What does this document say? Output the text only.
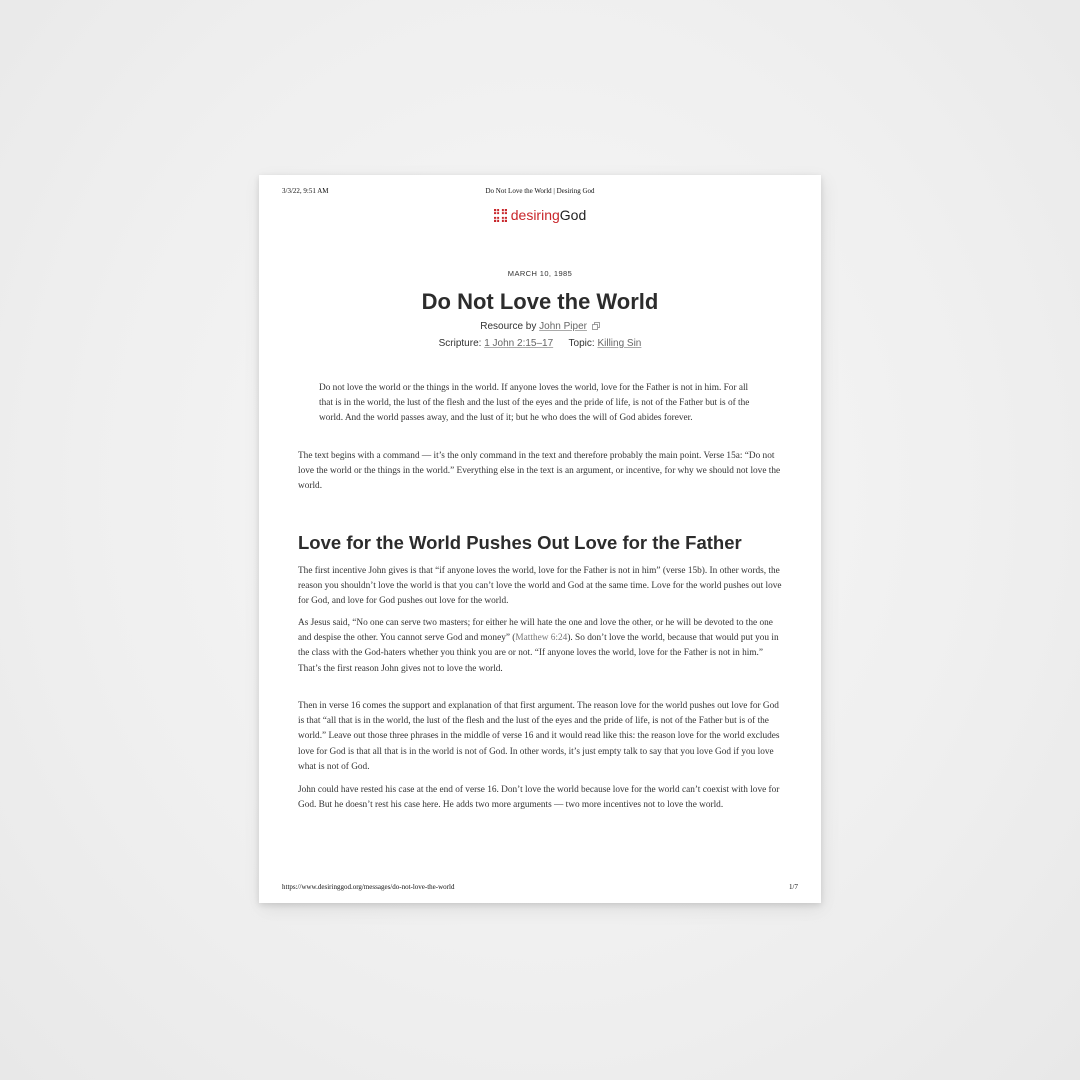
3/3/22, 9:51 AM	Do Not Love the World | Desiring God
desiringGod
MARCH 10, 1985
Do Not Love the World
Resource by John Piper
Scripture: 1 John 2:15–17 Topic: Killing Sin

Do not love the world or the things in the world. If anyone loves the world, love for the Father is not in him. For all that is in the world, the lust of the flesh and the lust of the eyes and the pride of life, is not of the Father but is of the world. And the world passes away, and the lust of it; but he who does the will of God abides forever.

The text begins with a command — it’s the only command in the text and therefore probably the main point. Verse 15a: “Do not love the world or the things in the world.” Everything else in the text is an argument, or incentive, for why we should not love the world.

Love for the World Pushes Out Love for the Father

The first incentive John gives is that “if anyone loves the world, love for the Father is not in him” (verse 15b). In other words, the reason you shouldn’t love the world is that you can’t love the world and God at the same time. Love for the world pushes out love for God, and love for God pushes out love for the world.

As Jesus said, “No one can serve two masters; for either he will hate the one and love the other, or he will be devoted to the one and despise the other. You cannot serve God and money” (Matthew 6:24). So don’t love the world, because that would put you in the class with the God-haters whether you think you are or not. “If anyone loves the world, love for the Father is not in him.” That’s the first reason John gives not to love the world.

Then in verse 16 comes the support and explanation of that first argument. The reason love for the world pushes out love for God is that “all that is in the world, the lust of the flesh and the lust of the eyes and the pride of life, is not of the Father but is of the world.” Leave out those three phrases in the middle of verse 16 and it would read like this: the reason love for the world excludes love for God is that all that is in the world is not of God. In other words, it’s just empty talk to say that you love God if you love what is not of God.

John could have rested his case at the end of verse 16. Don’t love the world because love for the world can’t coexist with love for God. But he doesn’t rest his case here. He adds two more arguments — two more incentives not to love the world.

https://www.desiringgod.org/messages/do-not-love-the-world	1/7
